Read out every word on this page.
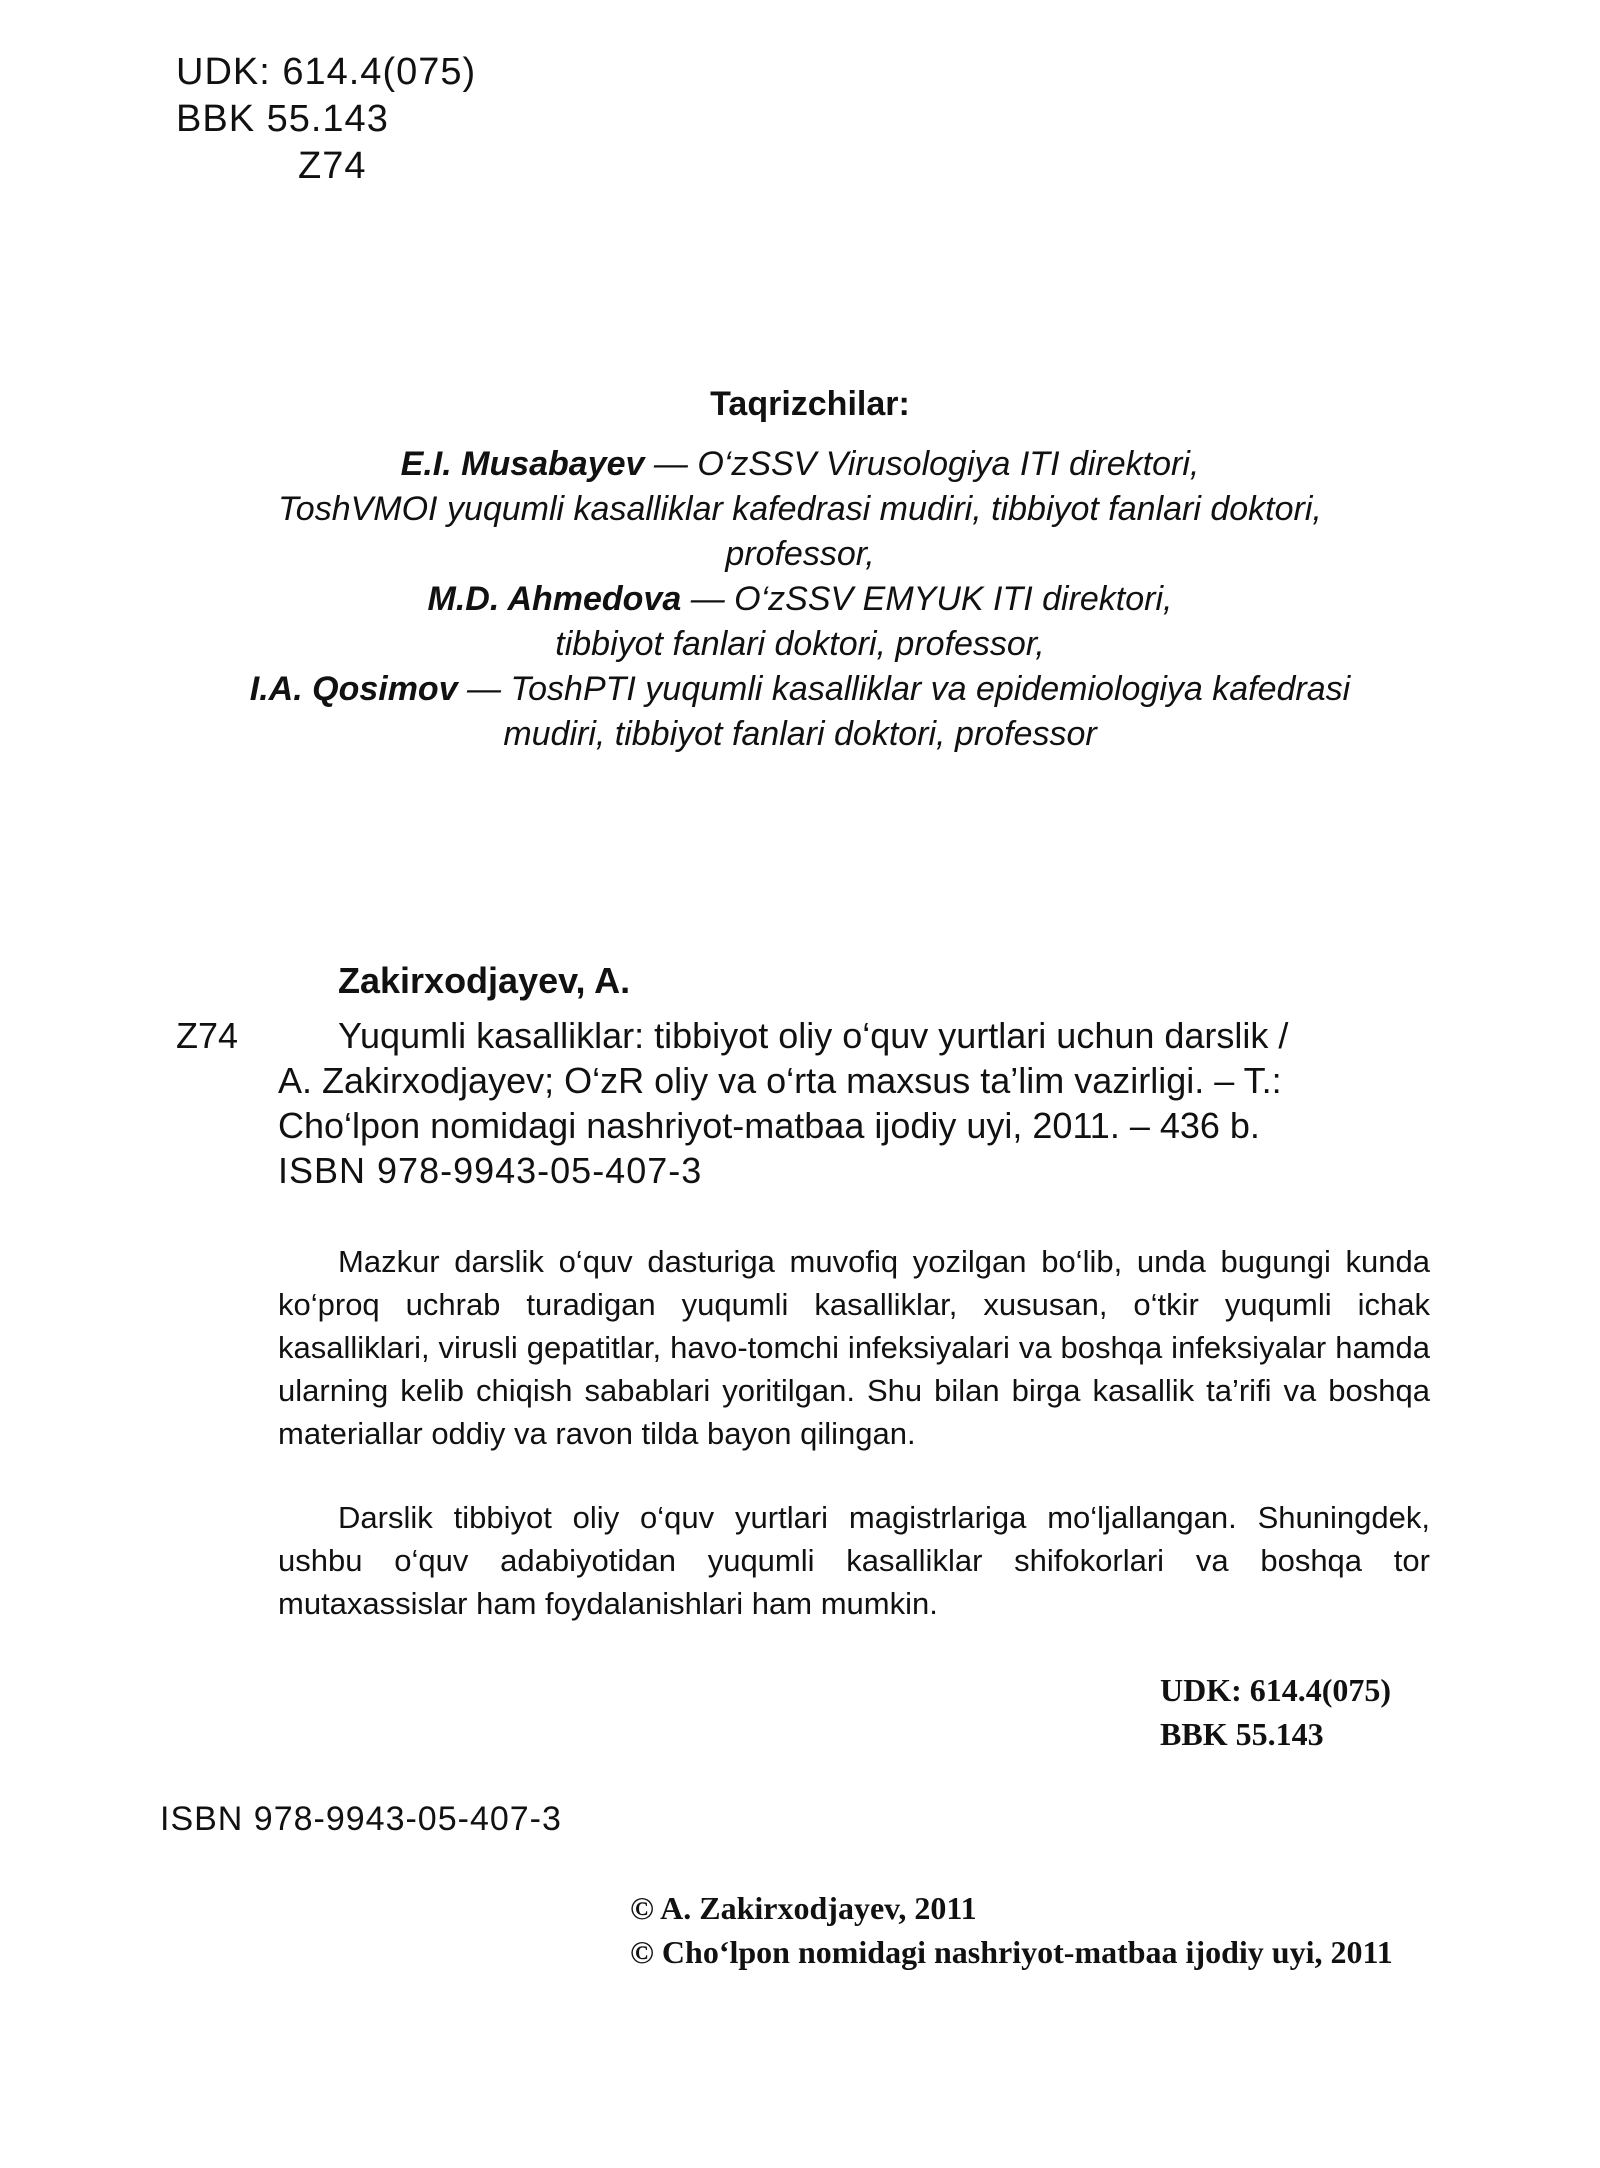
UDK: 614.4(075)
BBK 55.143
Z74
Taqrizchilar:
E.I. Musabayev — O‘zSSV Virusologiya ITI direktori,
ToshVMOI yuqumli kasalliklar kafedrasi mudiri, tibbiyot fanlari doktori,
professor,
M.D. Ahmedova — O‘zSSV EMYUK ITI direktori,
tibbiyot fanlari doktori, professor,
I.A. Qosimov — ToshPTI yuqumli kasalliklar va epidemiologiya kafedrasi
mudiri, tibbiyot fanlari doktori, professor
Zakirxodjayev, A.
Z74	Yuqumli kasalliklar: tibbiyot oliy o‘quv yurtlari uchun darslik /
A. Zakirxodjayev; O‘zR oliy va o‘rta maxsus ta’lim vazirligi. – T.:
Cho‘lpon nomidagi nashriyot-matbaa ijodiy uyi, 2011. – 436 b.
ISBN 978-9943-05-407-3
Mazkur darslik o‘quv dasturiga muvofiq yozilgan bo‘lib, unda bugungi kunda ko‘proq uchrab turadigan yuqumli kasalliklar, xususan, o‘tkir yuqumli ichak kasalliklari, virusli gepatitlar, havo-tomchi infeksiyalari va boshqa infeksiyalar hamda ularning kelib chiqish sabablari yoritilgan. Shu bilan birga kasallik ta’rifi va boshqa materiallar oddiy va ravon tilda bayon qilingan.
Darslik tibbiyot oliy o‘quv yurtlari magistrlariga mo‘ljallangan. Shuningdek, ushbu o‘quv adabiyotidan yuqumli kasalliklar shifokorlari va boshqa tor mutaxassislar ham foydalanishlari ham mumkin.
UDK: 614.4(075)
BBK 55.143
ISBN 978-9943-05-407-3
© A. Zakirxodjayev, 2011
© Cho‘lpon nomidagi nashriyot-matbaa ijodiy uyi, 2011
